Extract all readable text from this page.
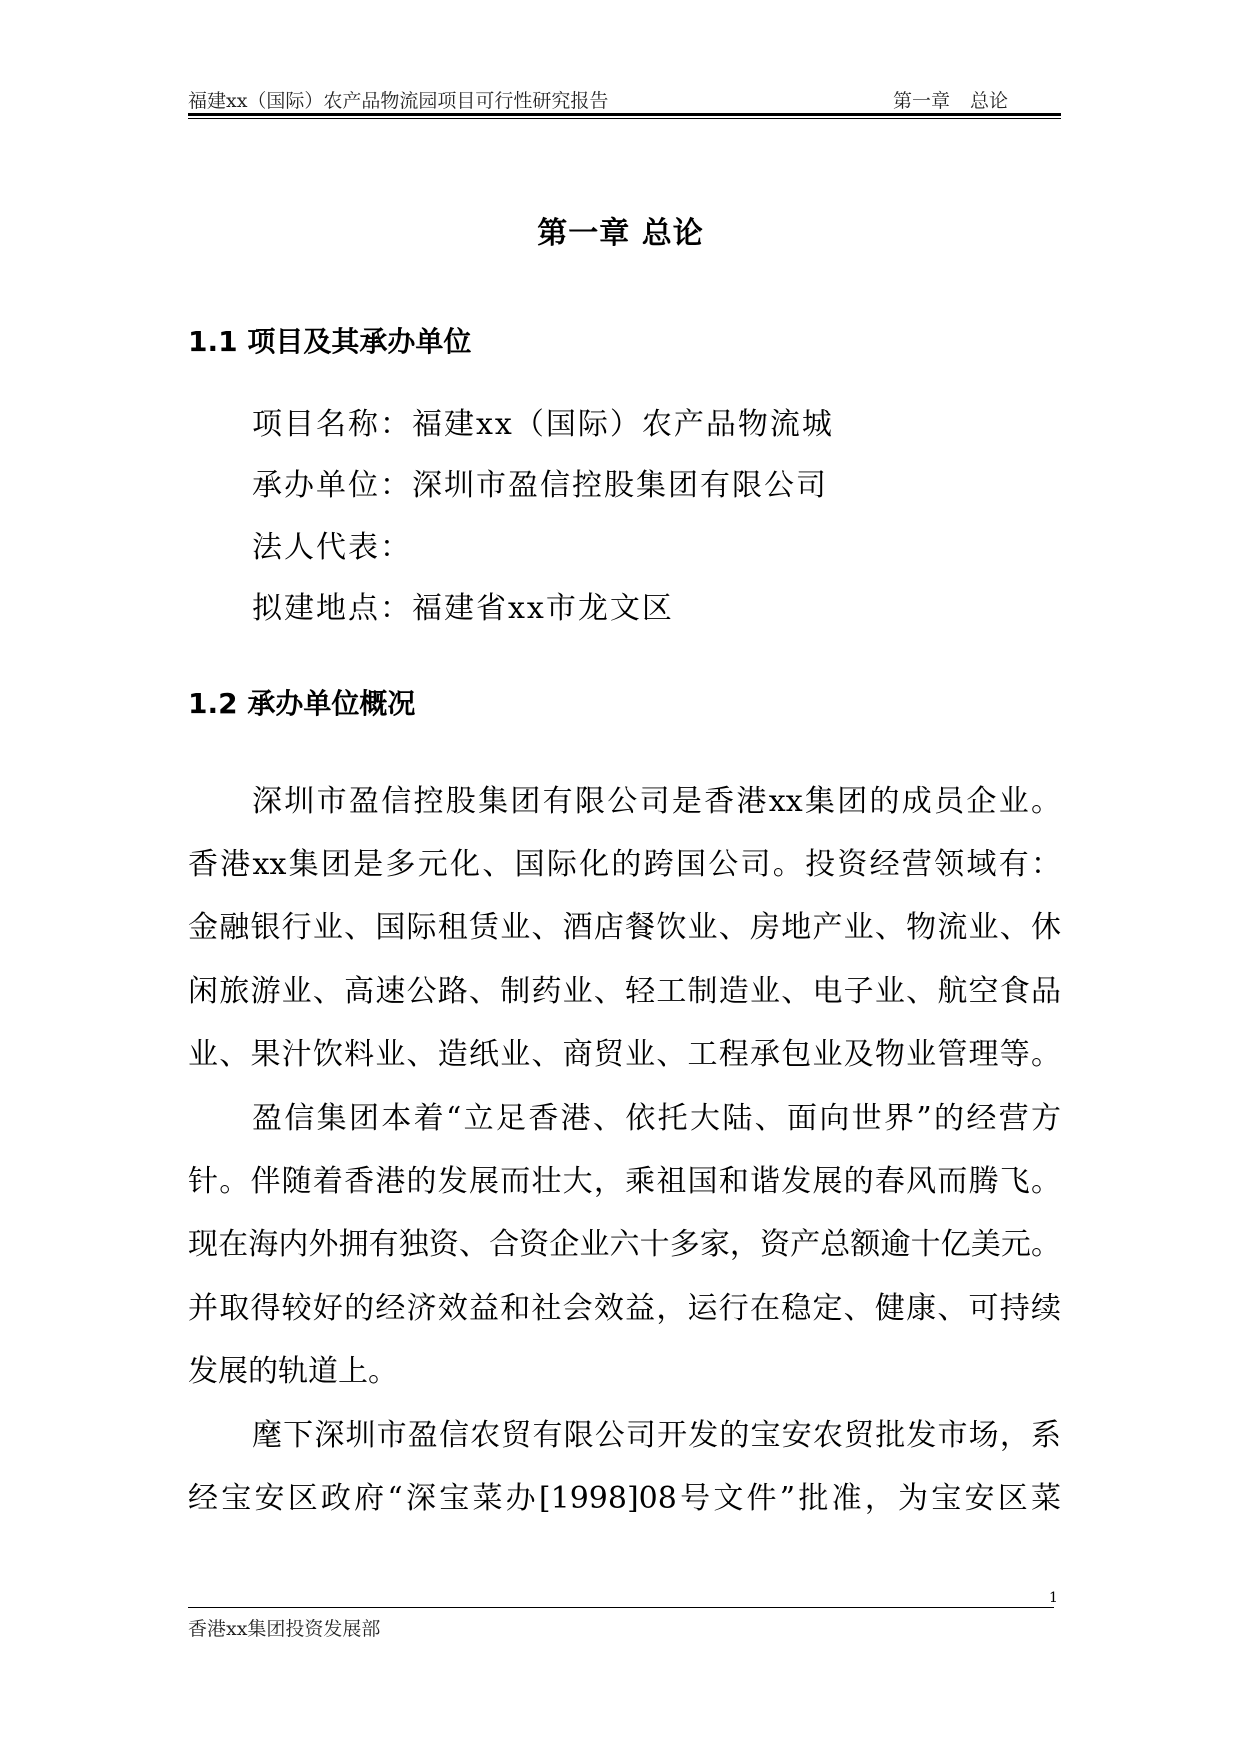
福建xx（国际）农产品物流园项目可行性研究报告	第一章 总论
第一章 总论
1.1 项目及其承办单位
项目名称：福建xx（国际）农产品物流城
承办单位：深圳市盈信控股集团有限公司
法人代表：
拟建地点：福建省xx市龙文区
1.2 承办单位概况
深圳市盈信控股集团有限公司是香港xx集团的成员企业。
香港xx集团是多元化、国际化的跨国公司。投资经营领域有：
金融银行业、国际租赁业、酒店餐饮业、房地产业、物流业、休
闲旅游业、高速公路、制药业、轻工制造业、电子业、航空食品
业、果汁饮料业、造纸业、商贸业、工程承包业及物业管理等。
盈信集团本着“立足香港、依托大陆、面向世界”的经营方
针。伴随着香港的发展而壮大，乘祖国和谐发展的春风而腾飞。
现在海内外拥有独资、合资企业六十多家，资产总额逾十亿美元。
并取得较好的经济效益和社会效益，运行在稳定、健康、可持续
发展的轨道上。
麾下深圳市盈信农贸有限公司开发的宝安农贸批发市场，系
经宝安区政府“深宝菜办[1998]08号文件”批准，为宝安区菜
1
香港xx集团投资发展部
